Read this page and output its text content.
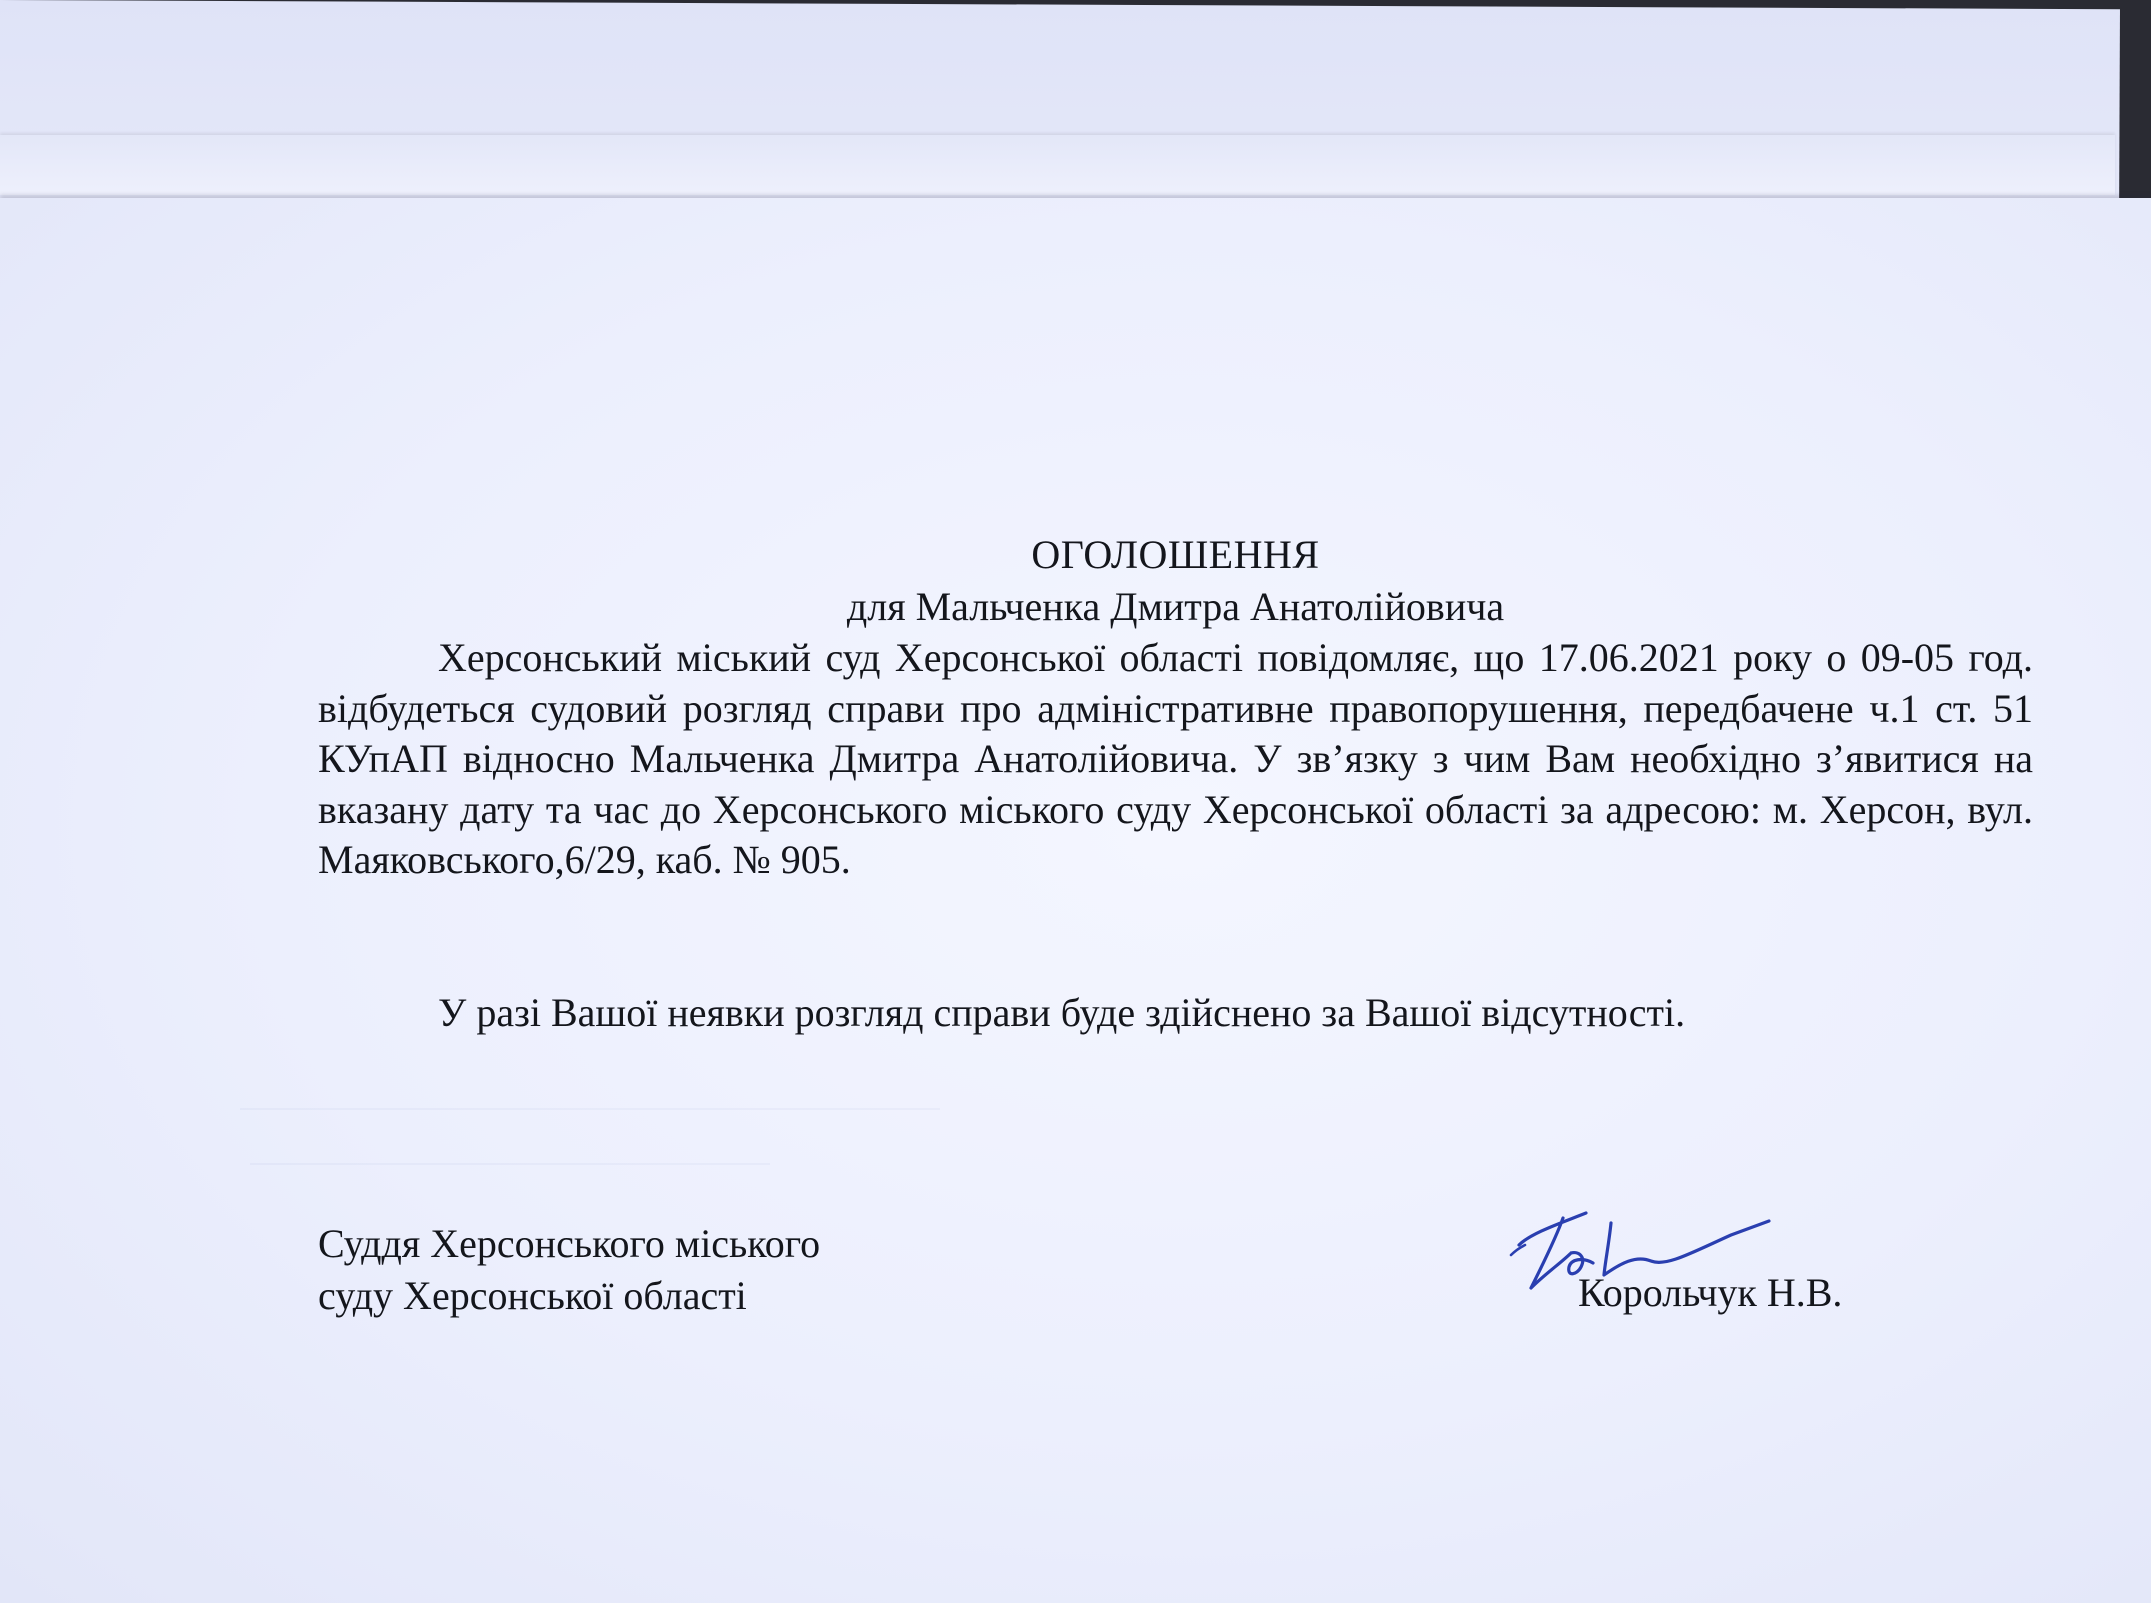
ОГОЛОШЕННЯ

для Мальченка Дмитра Анатолійовича

Херсонський міський суд Херсонської області повідомляє, що 17.06.2021 року о 09-05 год. відбудеться судовий розгляд справи про адміністративне правопорушення, передбачене ч.1 ст. 51 КУпАП відносно Мальченка Дмитра Анатолійовича. У зв’язку з чим Вам необхідно з’явитися на вказану дату та час до Херсонського міського суду Херсонської області за адресою: м. Херсон, вул. Маяковського,6/29, каб. № 905.

У разі Вашої неявки розгляд справи буде здійснено за Вашої відсутності.

Суддя Херсонського міського
суду Херсонської області	Корольчук Н.В.
